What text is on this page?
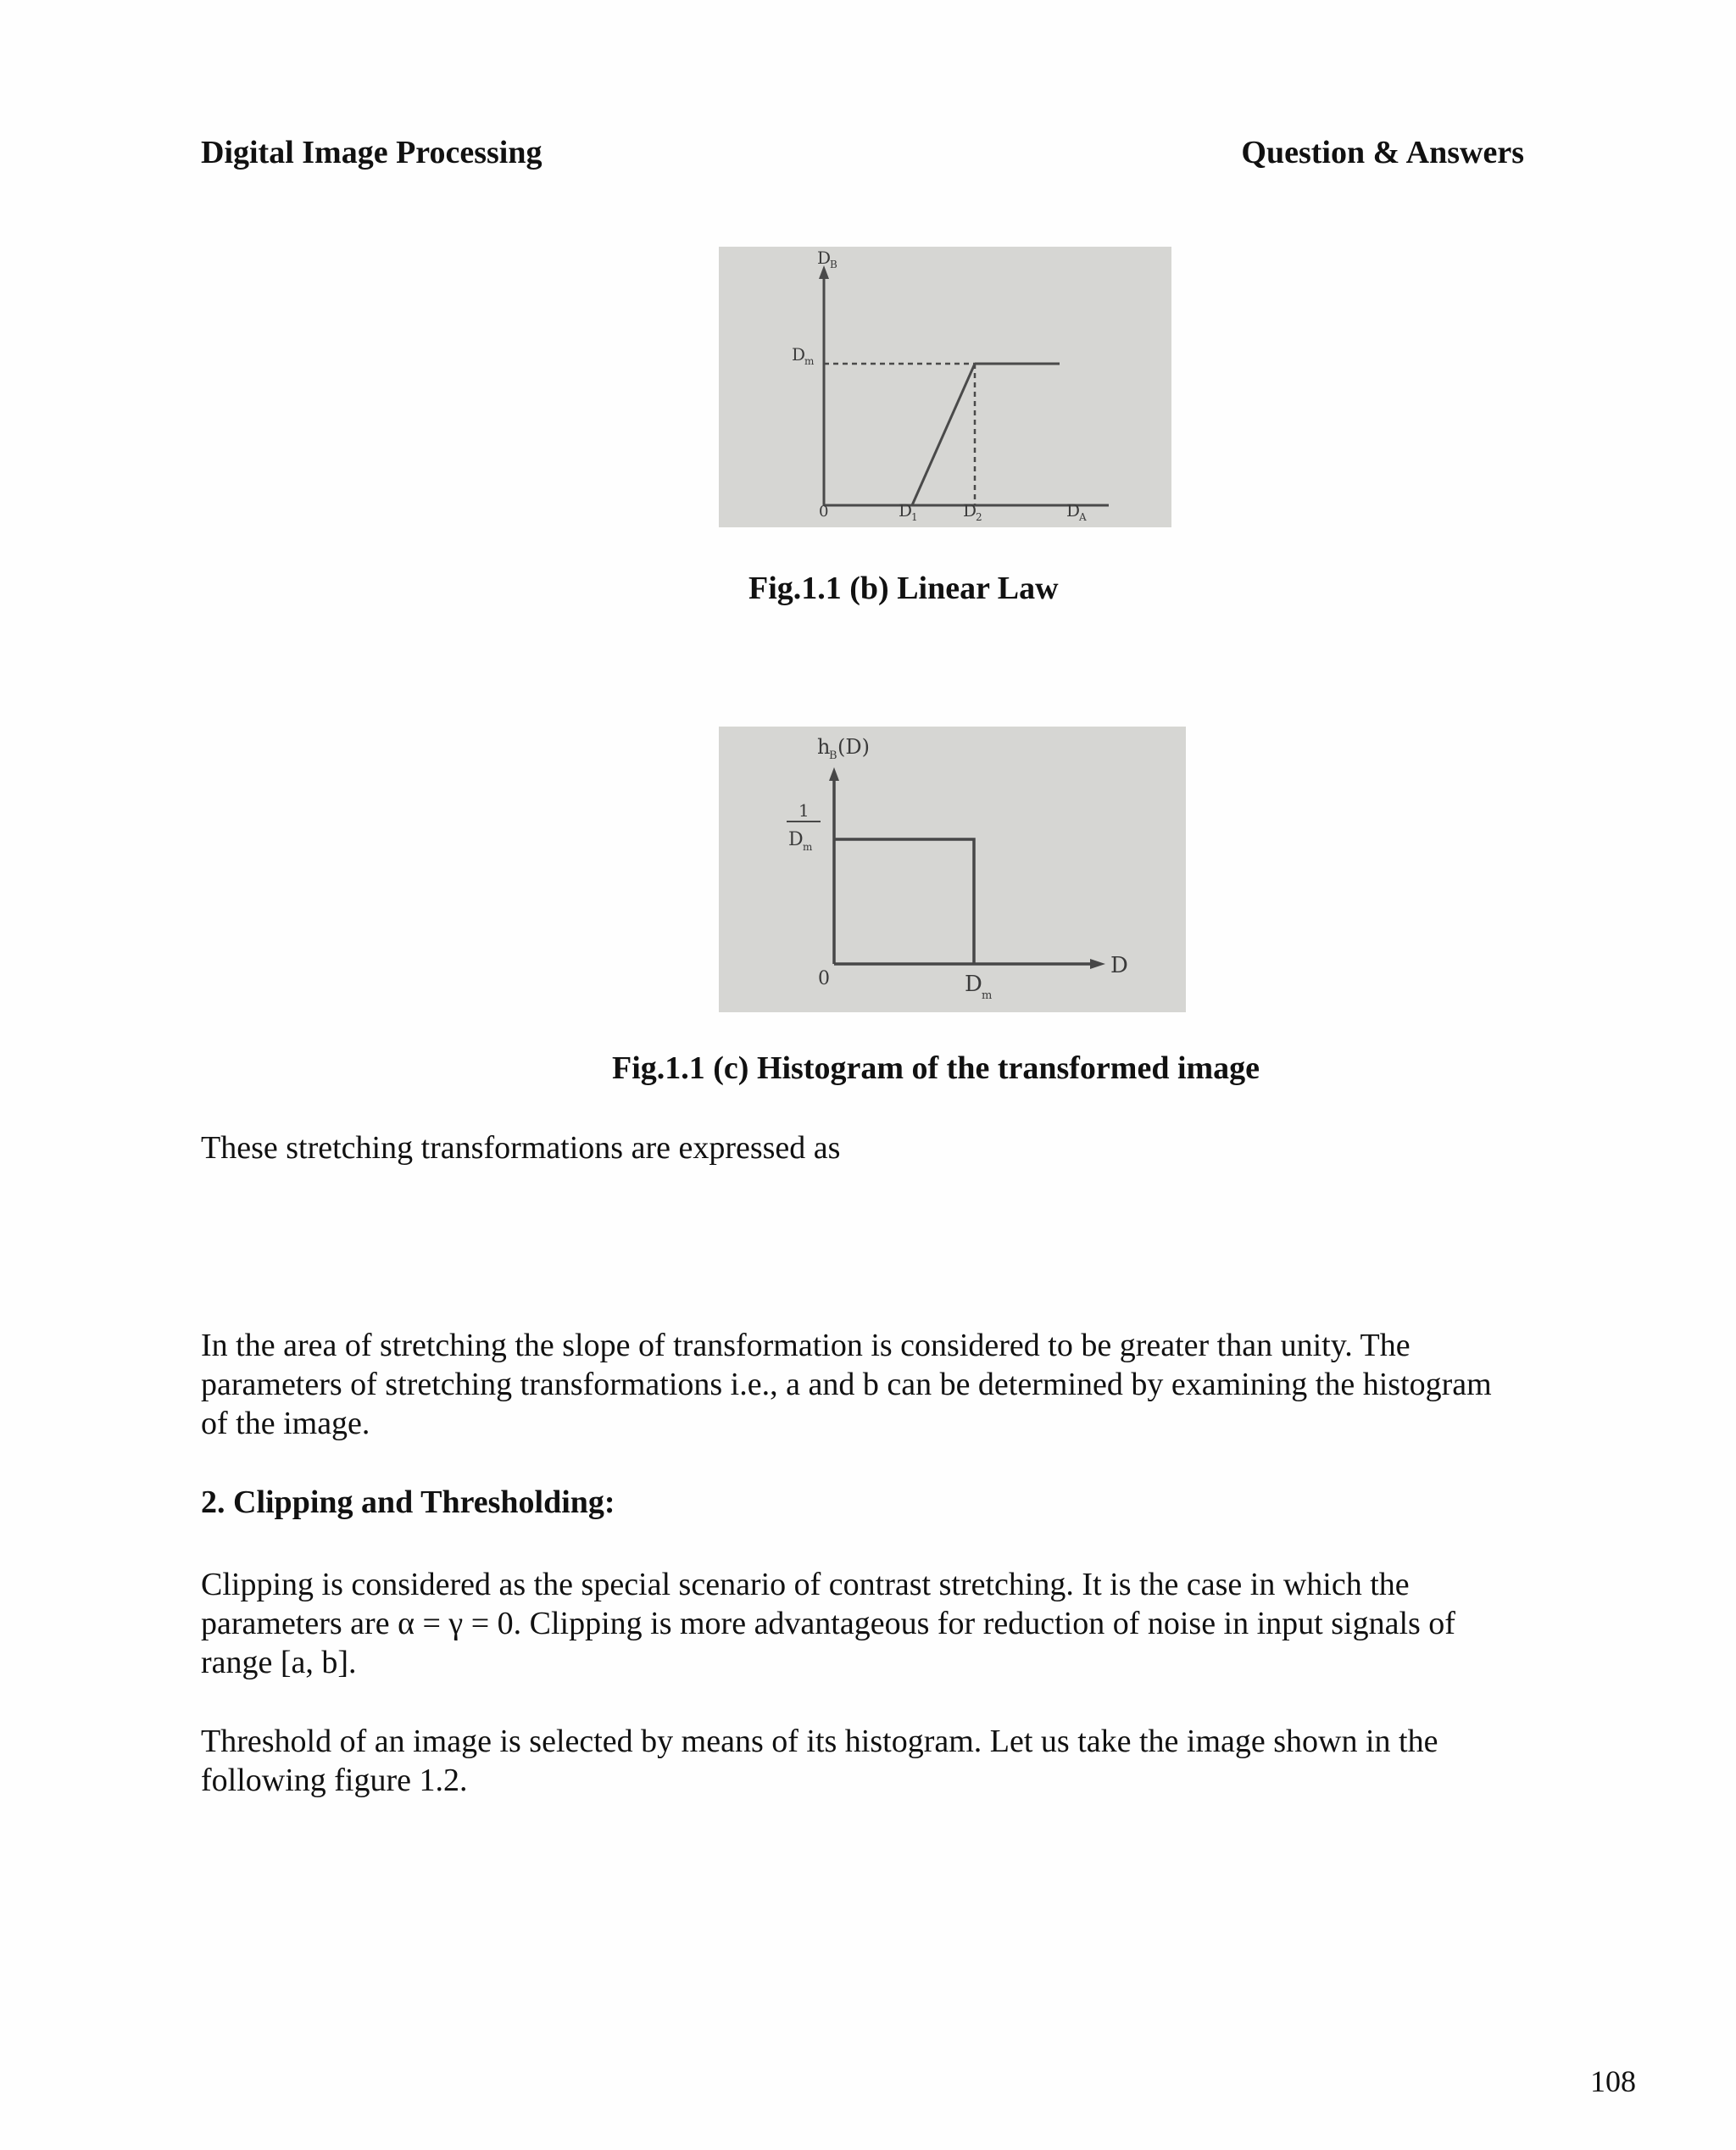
Digital Image Processing	Question & Answers
D
B
D
m
0	D
1	D
2	D
A
Fig.1.1 (b) Linear Law
h
B (D)
1
D m
0	D m
D
Fig.1.1 (c) Histogram of the transformed image
These stretching transformations are expressed as
In the area of stretching the slope of transformation is considered to be greater than unity. The parameters of stretching transformations i.e., a and b can be determined by examining the histogram of the image.
2. Clipping and Thresholding:
Clipping is considered as the special scenario of contrast stretching. It is the case in which the parameters are α = γ = 0. Clipping is more advantageous for reduction of noise in input signals of range [a, b].
Threshold of an image is selected by means of its histogram. Let us take the image shown in the following figure 1.2.
108
